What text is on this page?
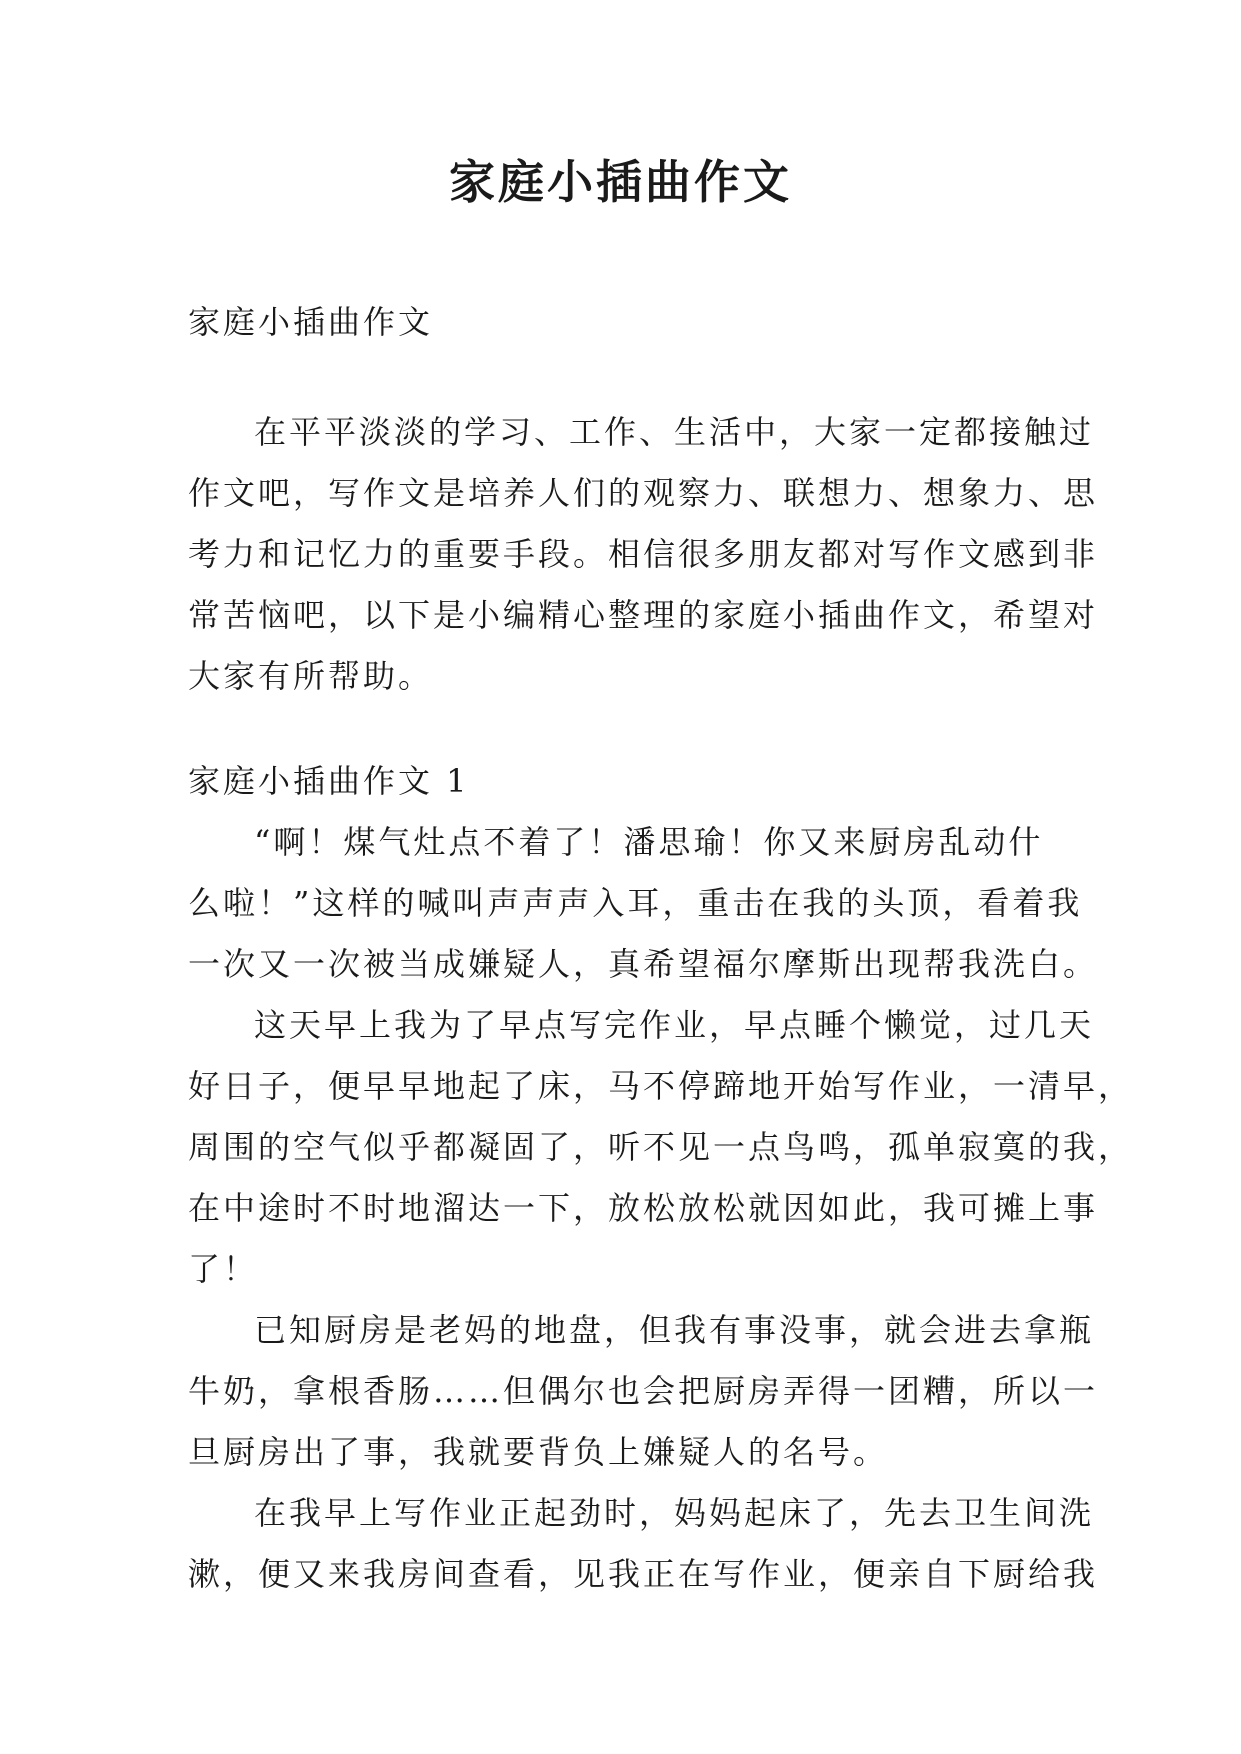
家庭小插曲作文
家庭小插曲作文
在平平淡淡的学习、工作、生活中，大家一定都接触过
作文吧，写作文是培养人们的观察力、联想力、想象力、思
考力和记忆力的重要手段。相信很多朋友都对写作文感到非
常苦恼吧，以下是小编精心整理的家庭小插曲作文，希望对
大家有所帮助。
家庭小插曲作文 1
“啊！煤气灶点不着了！潘思瑜！你又来厨房乱动什
么啦！”这样的喊叫声声声入耳，重击在我的头顶，看着我
一次又一次被当成嫌疑人，真希望福尔摩斯出现帮我洗白。
这天早上我为了早点写完作业，早点睡个懒觉，过几天
好日子，便早早地起了床，马不停蹄地开始写作业，一清早，
周围的空气似乎都凝固了，听不见一点鸟鸣，孤单寂寞的我，
在中途时不时地溜达一下，放松放松就因如此，我可摊上事
了！
已知厨房是老妈的地盘，但我有事没事，就会进去拿瓶
牛奶，拿根香肠……但偶尔也会把厨房弄得一团糟，所以一
旦厨房出了事，我就要背负上嫌疑人的名号。
在我早上写作业正起劲时，妈妈起床了，先去卫生间洗
漱，便又来我房间查看，见我正在写作业，便亲自下厨给我
